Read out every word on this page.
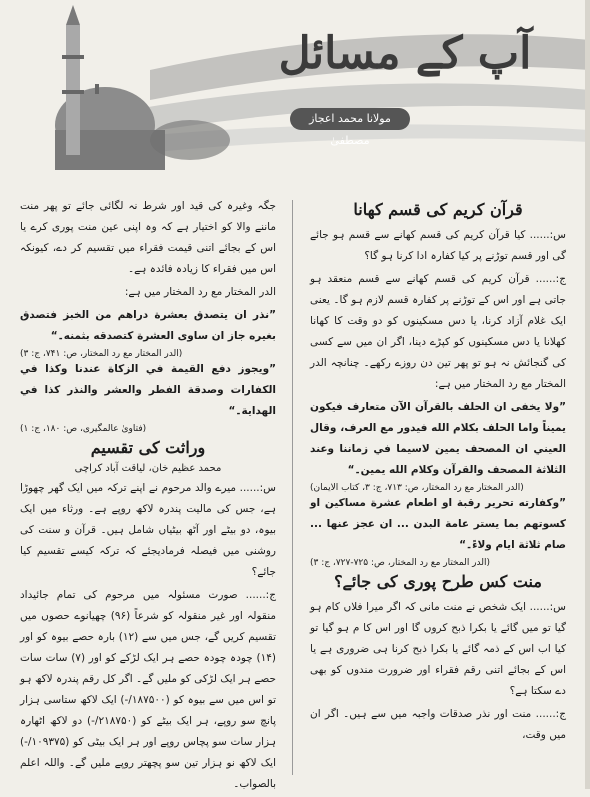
آپ کے مسائل
مولانا محمد اعجاز مصطفیٰ
قرآن کریم کی قسم کھانا

س:...... کیا قرآن کریم کی قسم کھانے سے قسم ہو جائے گی اور قسم توڑنے پر کیا کفارہ ادا کرنا ہو گا؟

ج:...... قرآن کریم کی قسم کھانے سے قسم منعقد ہو جاتی ہے اور اس کے توڑنے پر کفارہ قسم لازم ہو گا۔ یعنی ایک غلام آزاد کرنا، یا دس مسکینوں کو دو وقت کا کھانا کھلانا یا دس مسکینوں کو کپڑے دینا، اگر ان میں سے کسی کی گنجائش نہ ہو تو پھر تین دن روزے رکھے۔ چنانچہ الدر المختار مع رد المختار میں ہے:

”ولا يخفى ان الحلف بالقرآن الآن متعارف فيكون يميناً واما الحلف بكلام الله فيدور مع العرف، وقال العيني ان المصحف يمين لاسيما في زماننا وعند الثلاثة المصحف والقرآن وكلام الله يمين۔“

(الدر المختار مع رد المختار، ص: ۷۱۳، ج: ۳، کتاب الایمان)

”وكفارته تحرير رقبة او اطعام عشرة مساكين او كسوتهم بما يستر عامة البدن ... ان عجز عنها ... صام ثلاثة ايام ولاءً۔“

(الدر المختار مع رد المختار، ص: ۷۲۵-۷۲۷، ج: ۳)
منت کس طرح پوری کی جائے؟

س:...... ایک شخص نے منت مانی کہ اگر میرا فلاں کام ہو گیا تو میں گائے یا بکرا ذبح کروں گا اور اس کا م ہو گیا تو کیا اب اس کے ذمہ گائے یا بکرا ذبح کرنا ہی ضروری ہے یا اس کے بجائے اتنی رقم فقراء اور ضرورت مندوں کو بھی دے سکتا ہے؟

ج:...... منت اور نذر صدقات واجبہ میں سے ہیں۔ اگر ان میں وقت،

جگہ وغیرہ کی قید اور شرط نہ لگائی جائے تو پھر منت ماننے والا کو اختیار ہے کہ وہ اپنی عین منت پوری کرے یا اس کے بجائے اتنی قیمت فقراء میں تقسیم کر دے، کیونکہ اس میں فقراء کا زیادہ فائدہ ہے۔

الدر المختار مع رد المختار میں ہے:

”نذر ان يتصدق بعشرة دراهم من الخبز فتصدق بغيره جاز ان ساوى العشرة كتصدقه بثمنه۔“

(الدر المختار مع رد المختار، ص: ۷۴۱، ج: ۳)

”ويجوز دفع القيمة في الزكاة عندنا وكذا في الكفارات وصدقة الفطر والعشر والنذر كذا في الهداية۔“

(فتاویٰ عالمگیری، ص: ۱۸۰، ج: ۱)
وراثت کی تقسیم
محمد عظیم خان، لیاقت آباد کراچی

س:...... میرے والد مرحوم نے اپنے ترکہ میں ایک گھر چھوڑا ہے، جس کی مالیت پندرہ لاکھ روپے ہے۔ ورثاء میں ایک بیوہ، دو بیٹے اور آٹھ بیٹیاں شامل ہیں۔ قرآن و سنت کی روشنی میں فیصلہ فرمادیجئے کہ ترکہ کیسے تقسیم کیا جائے؟

ج:...... صورت مسئولہ میں مرحوم کی تمام جائیداد منقولہ اور غیر منقولہ کو شرعاً (۹۶) چھیانوے حصوں میں تقسیم کریں گے، جس میں سے (۱۲) بارہ حصے بیوہ کو اور (۱۴) چودہ چودہ حصے ہر ایک لڑکے کو اور (۷) سات سات حصے ہر ایک لڑکی کو ملیں گے۔ اگر کل رقم پندرہ لاکھ ہو تو اس میں سے بیوہ کو (۱۸۷۵۰۰/-) ایک لاکھ ستاسی ہزار پانچ سو روپے، ہر ایک بیٹے کو (۲۱۸۷۵۰/-) دو لاکھ اٹھارہ ہزار سات سو پچاس روپے اور ہر ایک بیٹی کو (۱۰۹۳۷۵/-) ایک لاکھ نو ہزار تین سو پچھتر روپے ملیں گے۔ واللہ اعلم بالصواب۔
